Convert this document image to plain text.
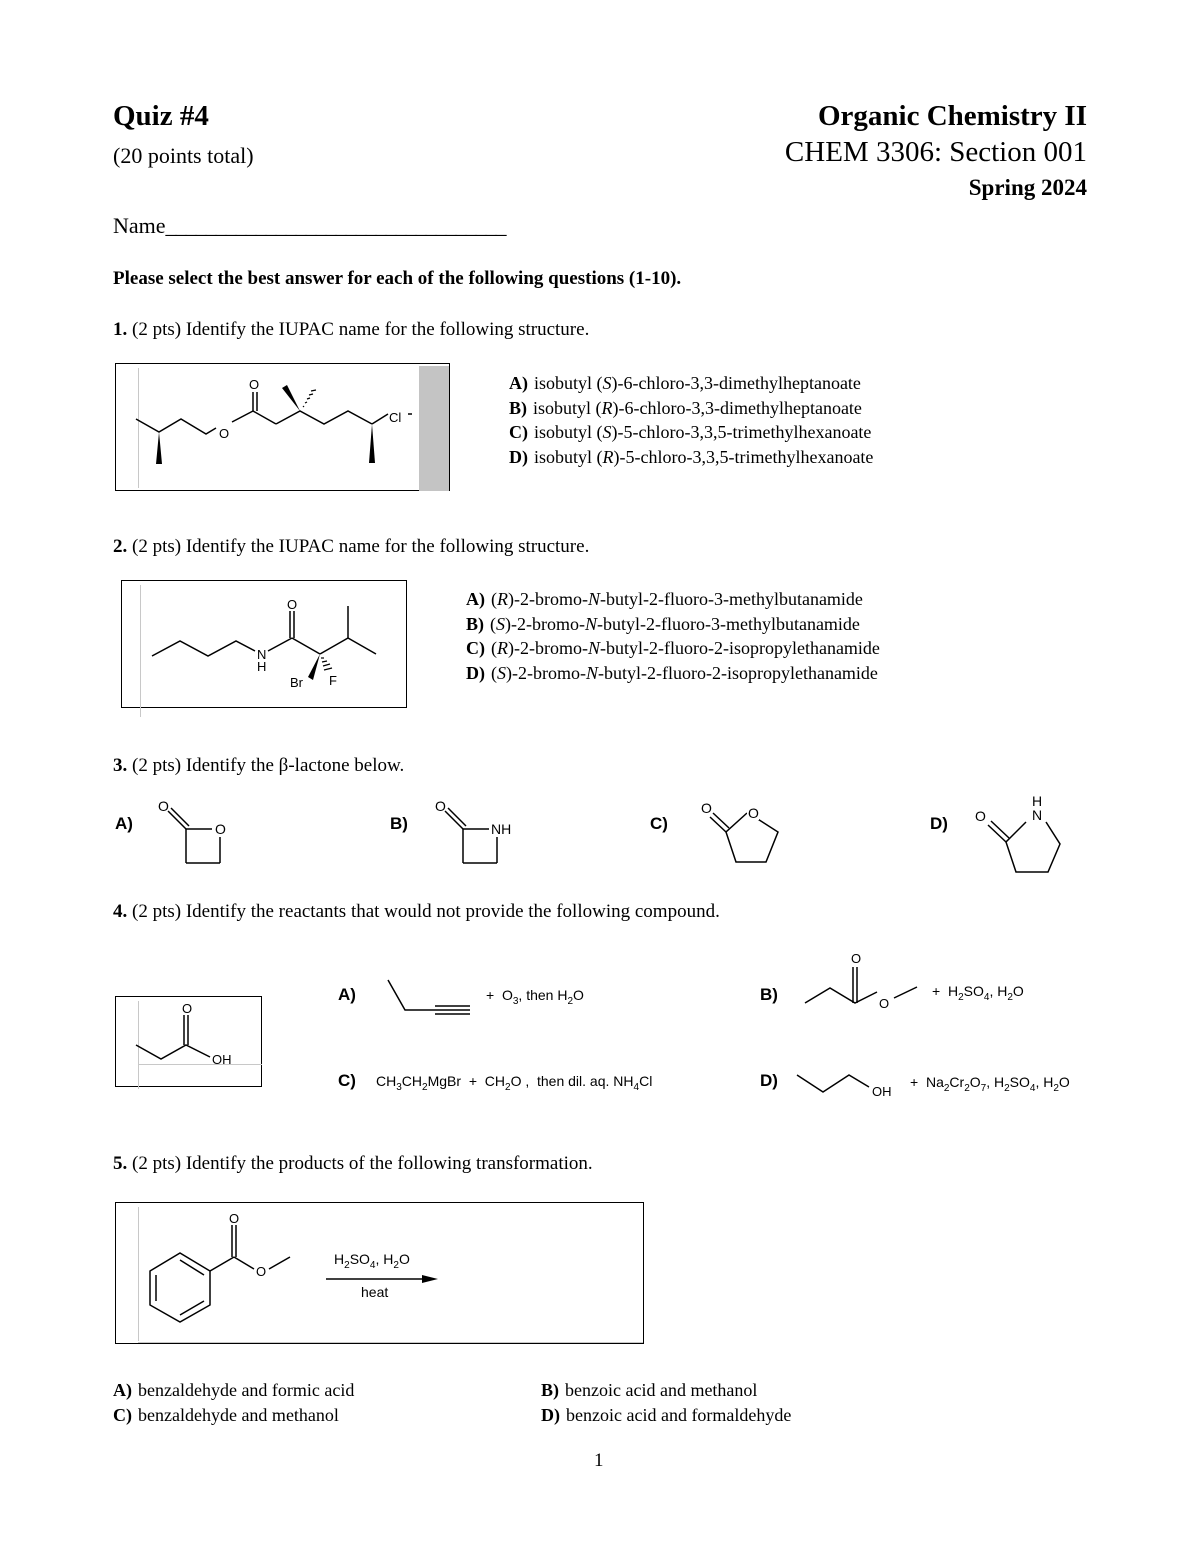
Quiz #4
(20 points total)
Organic Chemistry II
CHEM 3306: Section 001
Spring 2024
Name__________________________________
Please select the best answer for each of the following questions (1-10).
1. (2 pts) Identify the IUPAC name for the following structure.
O
O
Cl
A) isobutyl (S)-6-chloro-3,3-dimethylheptanoate
B) isobutyl (R)-6-chloro-3,3-dimethylheptanoate
C) isobutyl (S)-5-chloro-3,3,5-trimethylhexanoate
D) isobutyl (R)-5-chloro-3,3,5-trimethylhexanoate
2. (2 pts) Identify the IUPAC name for the following structure.
O
N
H
Br F
A) (R)-2-bromo-N-butyl-2-fluoro-3-methylbutanamide
B) (S)-2-bromo-N-butyl-2-fluoro-3-methylbutanamide
C) (R)-2-bromo-N-butyl-2-fluoro-2-isopropylethanamide
D) (S)-2-bromo-N-butyl-2-fluoro-2-isopropylethanamide
3. (2 pts) Identify the β-lactone below.
A)
O
O	B)
O
NH	C)
O	O
D) O
H
N
4. (2 pts) Identify the reactants that would not provide the following compound.
O
OH
A)	+  $O_3$, then $H_2O$	B)
O
O
+  $H_2SO_4$, $H_2O$
C) $CH_3CH_2MgBr + CH_2O$ ,  then dil. aq. $NH_4Cl$	D)
OH
+  $Na_2Cr_2O_7$, $H_2SO_4$, $H_2O$
5. (2 pts) Identify the products of the following transformation.
O
O
$H_2SO_4$, $H_2O$
heat
A) benzaldehyde and formic acid
C) benzaldehyde and methanol
B) benzoic acid and methanol
D) benzoic acid and formaldehyde
1
